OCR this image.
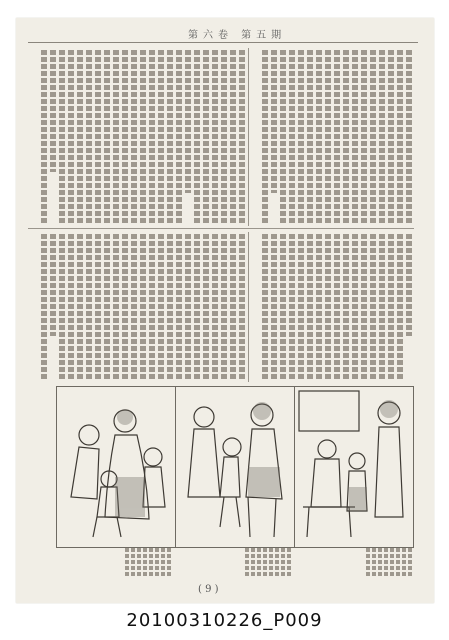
第六卷 第五期
( 9 )
20100310226_P009
